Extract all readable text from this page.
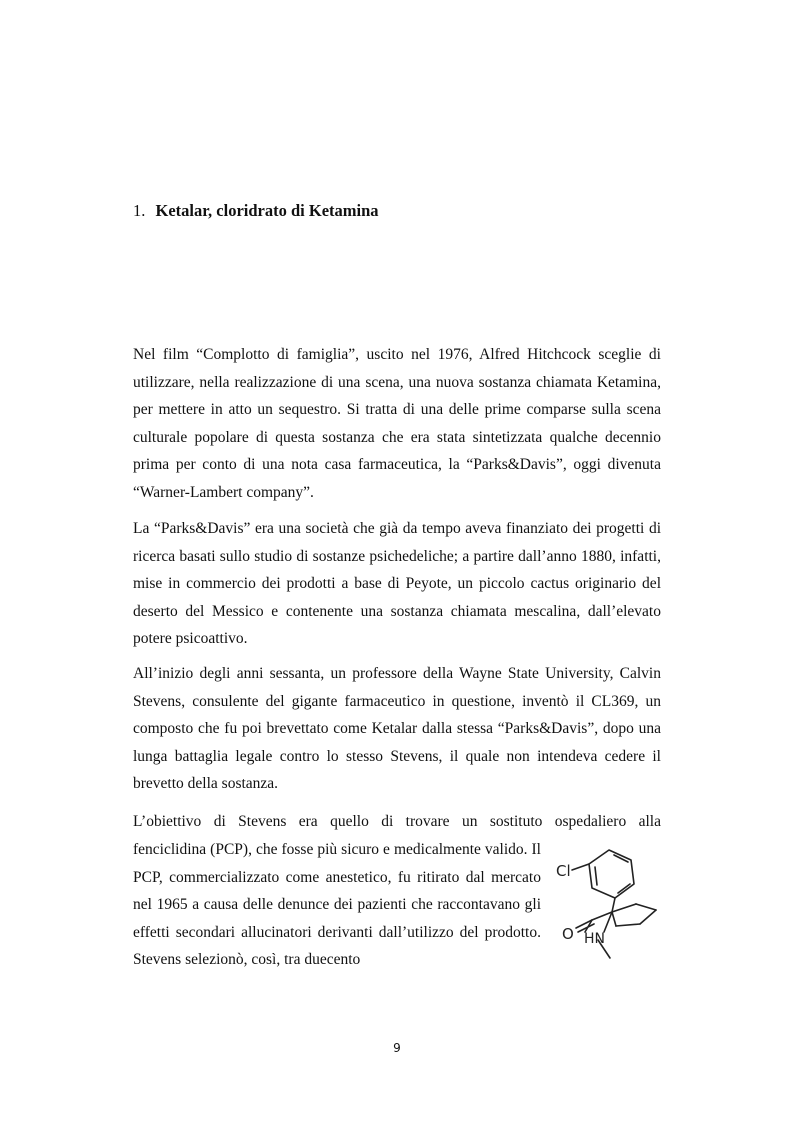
1. Ketalar, cloridrato di Ketamina

Nel film “Complotto di famiglia”, uscito nel 1976, Alfred Hitchcock sceglie di utilizzare, nella realizzazione di una scena, una nuova sostanza chiamata Ketamina, per mettere in atto un sequestro. Si tratta di una delle prime comparse sulla scena culturale popolare di questa sostanza che era stata sintetizzata qualche decennio prima per conto di una nota casa farmaceutica, la “Parks&Davis”, oggi divenuta “Warner-Lambert company”.

La “Parks&Davis” era una società che già da tempo aveva finanziato dei progetti di ricerca basati sullo studio di sostanze psichedeliche; a partire dall’anno 1880, infatti, mise in commercio dei prodotti a base di Peyote, un piccolo cactus originario del deserto del Messico e contenente una sostanza chiamata mescalina, dall’elevato potere psicoattivo.

All’inizio degli anni sessanta, un professore della Wayne State University, Calvin Stevens, consulente del gigante farmaceutico in questione, inventò il CL369, un composto che fu poi brevettato come Ketalar dalla stessa “Parks&Davis”, dopo una lunga battaglia legale contro lo stesso Stevens, il quale non intendeva cedere il brevetto della sostanza.

L’obiettivo di Stevens era quello di trovare un sostituto ospedaliero alla

fenciclidina (PCP), che fosse più sicuro e medicalmente valido. Il PCP, commercializzato come anestetico, fu ritirato dal mercato nel 1965 a causa delle denunce dei pazienti che raccontavano gli effetti secondari allucinatori derivanti dall’utilizzo del prodotto. Stevens selezionò, così, tra duecento

Cl
O HN
9
